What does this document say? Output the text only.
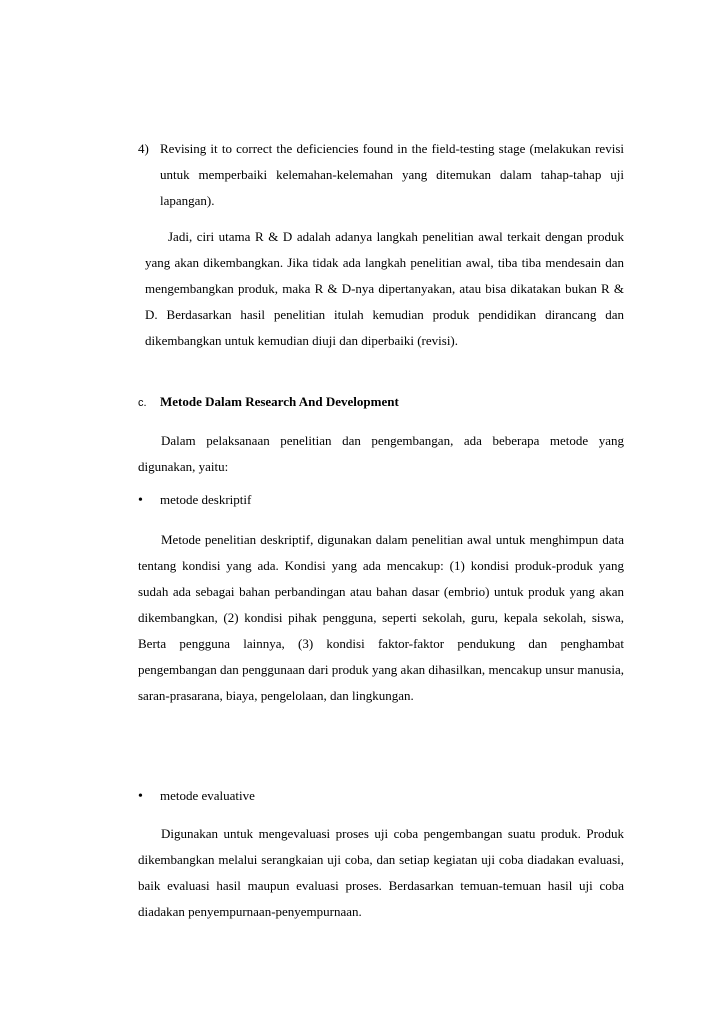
4) Revising it to correct the deficiencies found in the field-testing stage (melakukan revisi untuk memperbaiki kelemahan-kelemahan yang ditemukan dalam tahap-tahap uji lapangan).
Jadi, ciri utama R & D adalah adanya langkah penelitian awal terkait dengan produk yang akan dikembangkan. Jika tidak ada langkah penelitian awal, tiba tiba mendesain dan mengembangkan produk, maka R & D-nya dipertanyakan, atau bisa dikatakan bukan R & D. Berdasarkan hasil penelitian itulah kemudian produk pendidikan dirancang dan dikembangkan untuk kemudian diuji dan diperbaiki (revisi).
c. Metode Dalam Research And Development
Dalam pelaksanaan penelitian dan pengembangan, ada beberapa metode yang digunakan, yaitu:
• metode deskriptif
Metode penelitian deskriptif, digunakan dalam penelitian awal untuk menghimpun data tentang kondisi yang ada. Kondisi yang ada mencakup: (1) kondisi produk-produk yang sudah ada sebagai bahan perbandingan atau bahan dasar (embrio) untuk produk yang akan dikembangkan, (2) kondisi pihak pengguna, seperti sekolah, guru, kepala sekolah, siswa, Berta pengguna lainnya, (3) kondisi faktor-faktor pendukung dan penghambat pengembangan dan penggunaan dari produk yang akan dihasilkan, mencakup unsur manusia, saran-prasarana, biaya, pengelolaan, dan lingkungan.
• metode evaluative
Digunakan untuk mengevaluasi proses uji coba pengembangan suatu produk. Produk dikembangkan melalui serangkaian uji coba, dan setiap kegiatan uji coba diadakan evaluasi, baik evaluasi hasil maupun evaluasi proses. Berdasarkan temuan-temuan hasil uji coba diadakan penyempurnaan-penyempurnaan.
